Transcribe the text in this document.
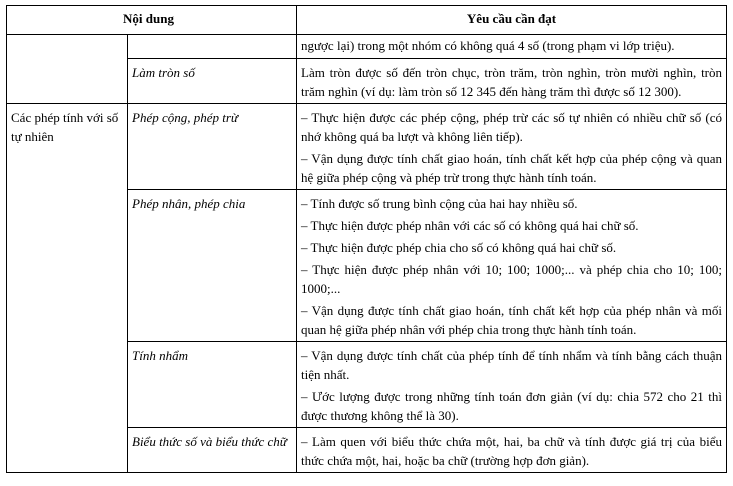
Nội dung		Yêu cầu cần đạt

		ngược lại) trong một nhóm có không quá 4 số (trong phạm vi lớp triệu).

	Làm tròn số	Làm tròn được số đến tròn chục, tròn trăm, tròn nghìn, tròn mười nghìn, tròn trăm nghìn (ví dụ: làm tròn số 12 345 đến hàng trăm thì được số 12 300).

Các phép tính với số tự nhiên	Phép cộng, phép trừ	– Thực hiện được các phép cộng, phép trừ các số tự nhiên có nhiều chữ số (có nhớ không quá ba lượt và không liên tiếp).

– Vận dụng được tính chất giao hoán, tính chất kết hợp của phép cộng và quan hệ giữa phép cộng và phép trừ trong thực hành tính toán.

	Phép nhân, phép chia	– Tính được số trung bình cộng của hai hay nhiều số.

– Thực hiện được phép nhân với các số có không quá hai chữ số.

– Thực hiện được phép chia cho số có không quá hai chữ số.

– Thực hiện được phép nhân với 10; 100; 1000;... và phép chia cho 10; 100; 1000;...

– Vận dụng được tính chất giao hoán, tính chất kết hợp của phép nhân và mối quan hệ giữa phép nhân với phép chia trong thực hành tính toán.

	Tính nhẩm	– Vận dụng được tính chất của phép tính để tính nhẩm và tính bằng cách thuận tiện nhất.

– Ước lượng được trong những tính toán đơn giản (ví dụ: chia 572 cho 21 thì được thương không thể là 30).

	Biểu thức số và biểu thức chữ	– Làm quen với biểu thức chứa một, hai, ba chữ và tính được giá trị của biểu thức chứa một, hai, hoặc ba chữ (trường hợp đơn giản).
